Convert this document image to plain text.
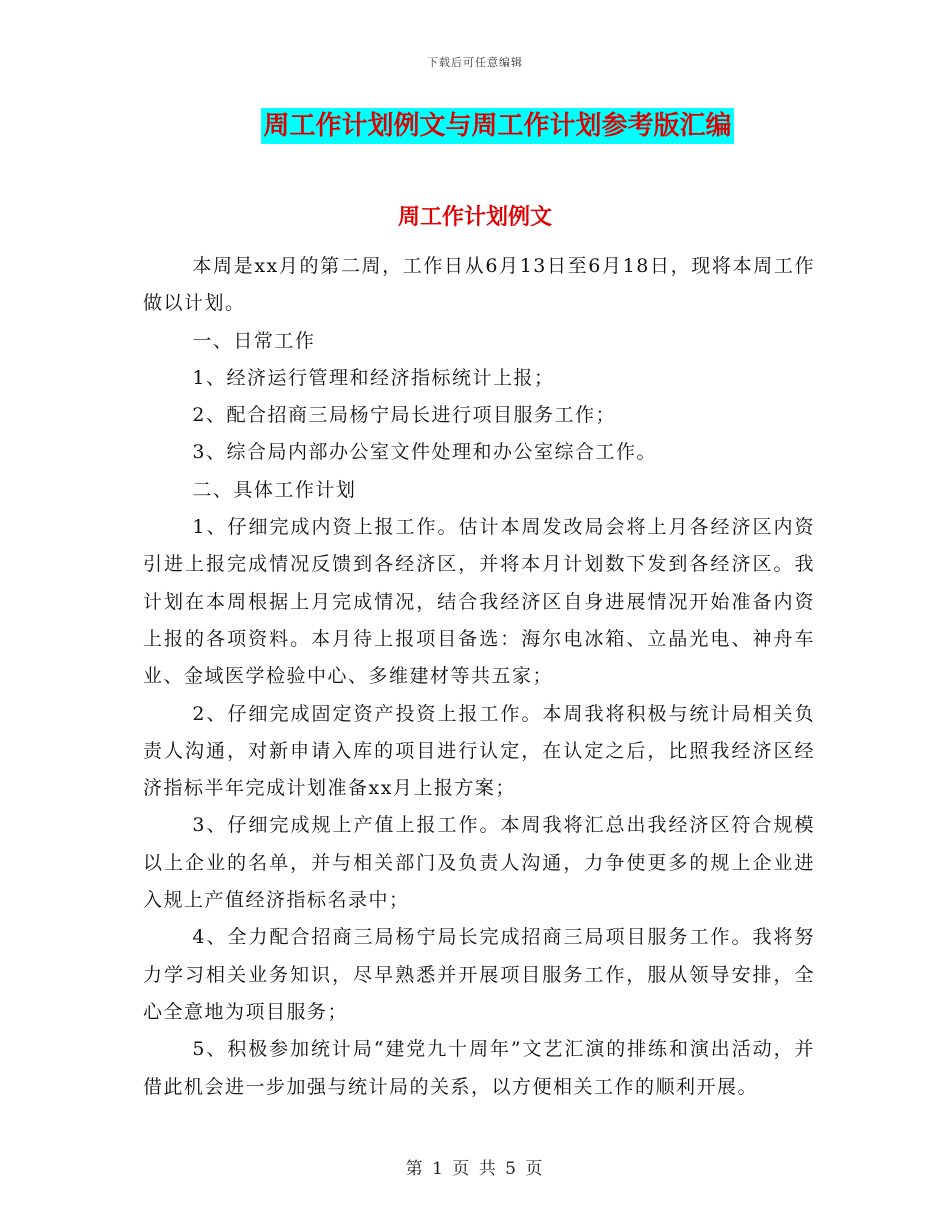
下载后可任意编辑
周工作计划例文与周工作计划参考版汇编
周工作计划例文

本周是xx月的第二周，工作日从6月13日至6月18日，现将本周工作做以计划。

一、日常工作

1、经济运行管理和经济指标统计上报；

2、配合招商三局杨宁局长进行项目服务工作；

3、综合局内部办公室文件处理和办公室综合工作。

二、具体工作计划

1、仔细完成内资上报工作。估计本周发改局会将上月各经济区内资引进上报完成情况反馈到各经济区，并将本月计划数下发到各经济区。我计划在本周根据上月完成情况，结合我经济区自身进展情况开始准备内资上报的各项资料。本月待上报项目备选：海尔电冰箱、立晶光电、神舟车业、金域医学检验中心、多维建材等共五家；

2、仔细完成固定资产投资上报工作。本周我将积极与统计局相关负责人沟通，对新申请入库的项目进行认定，在认定之后，比照我经济区经济指标半年完成计划准备xx月上报方案；

3、仔细完成规上产值上报工作。本周我将汇总出我经济区符合规模以上企业的名单，并与相关部门及负责人沟通，力争使更多的规上企业进入规上产值经济指标名录中；

4、全力配合招商三局杨宁局长完成招商三局项目服务工作。我将努力学习相关业务知识，尽早熟悉并开展项目服务工作，服从领导安排，全心全意地为项目服务；

5、积极参加统计局“建党九十周年”文艺汇演的排练和演出活动，并借此机会进一步加强与统计局的关系，以方便相关工作的顺利开展。

第 1 页 共 5 页
